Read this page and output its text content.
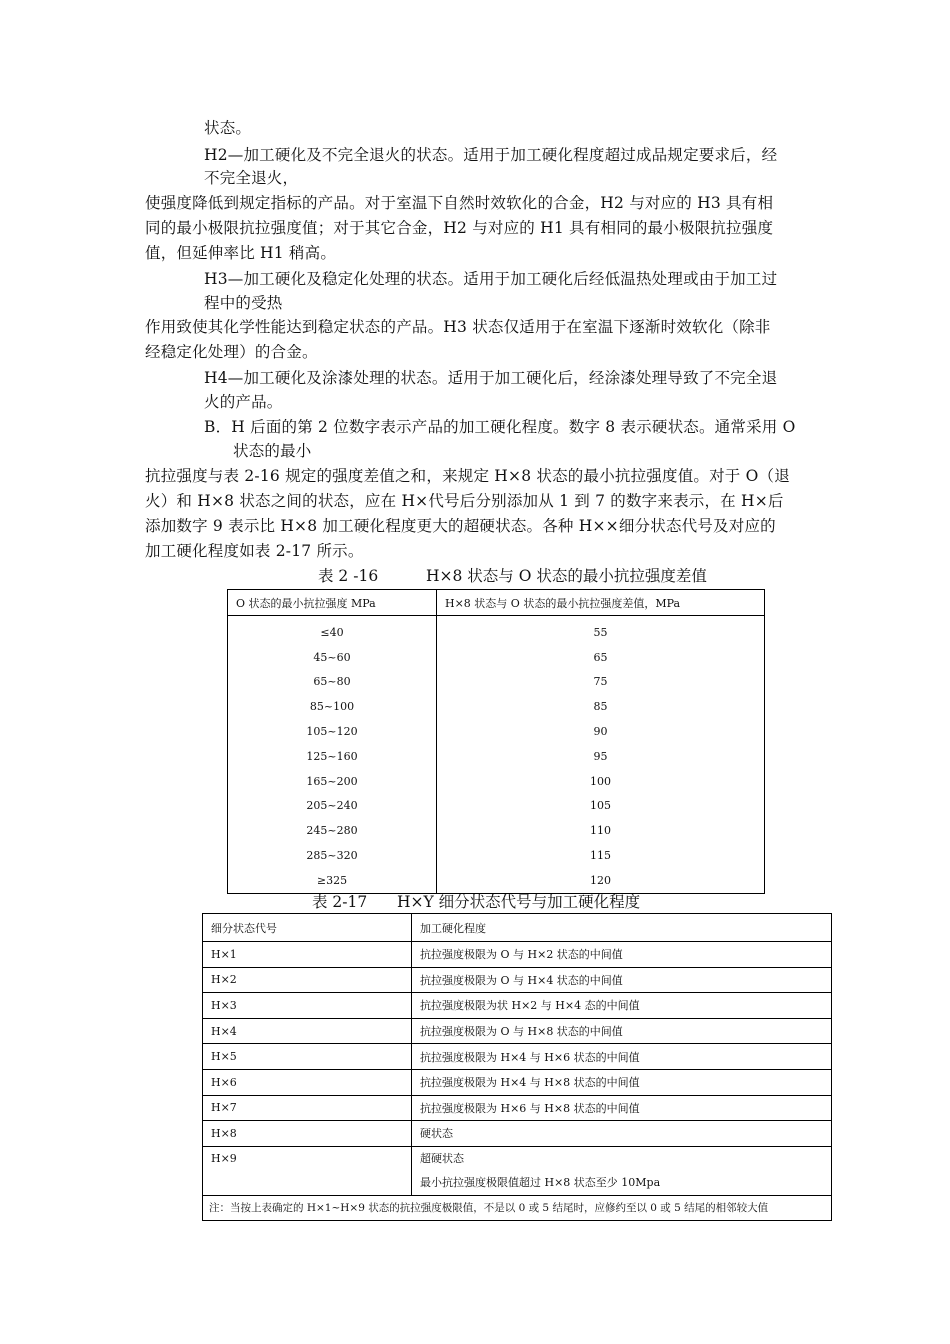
状态。
H2—加工硬化及不完全退火的状态。适用于加工硬化程度超过成品规定要求后，经
不完全退火，
使强度降低到规定指标的产品。对于室温下自然时效软化的合金，H2 与对应的 H3 具有相
同的最小极限抗拉强度值；对于其它合金，H2 与对应的 H1 具有相同的最小极限抗拉强度
值，但延伸率比 H1 稍高。
H3—加工硬化及稳定化处理的状态。适用于加工硬化后经低温热处理或由于加工过
程中的受热
作用致使其化学性能达到稳定状态的产品。H3 状态仅适用于在室温下逐渐时效软化（除非
经稳定化处理）的合金。
H4—加工硬化及涂漆处理的状态。适用于加工硬化后，经涂漆处理导致了不完全退
火的产品。
B．H 后面的第 2 位数字表示产品的加工硬化程度。数字 8 表示硬状态。通常采用 O
状态的最小
抗拉强度与表 2-16 规定的强度差值之和，来规定 H×8 状态的最小抗拉强度值。对于 O（退
火）和 H×8 状态之间的状态，应在 H×代号后分别添加从 1 到 7 的数字来表示，在 H×后
添加数字 9 表示比 H×8 加工硬化程度更大的超硬状态。各种 H××细分状态代号及对应的
加工硬化程度如表 2-17 所示。
表 2 -16	H×8 状态与 O 状态的最小抗拉强度差值
O 状态的最小抗拉强度 MPa	H×8 状态与 O 状态的最小抗拉强度差值，MPa
≤40	55
45~60	65
65~80	75
85~100	85
105~120	90
125~160	95
165~200	100
205~240	105
245~280	110
285~320	115
≥325	120
表 2-17 H×Y 细分状态代号与加工硬化程度
细分状态代号	加工硬化程度
H×1	抗拉强度极限为 O 与 H×2 状态的中间值
H×2	抗拉强度极限为 O 与 H×4 状态的中间值
H×3	抗拉强度极限为状 H×2 与 H×4 态的中间值
H×4	抗拉强度极限为 O 与 H×8 状态的中间值
H×5	抗拉强度极限为 H×4 与 H×6 状态的中间值
H×6	抗拉强度极限为 H×4 与 H×8 状态的中间值
H×7	抗拉强度极限为 H×6 与 H×8 状态的中间值
H×8	硬状态

H×9	超硬状态
最小抗拉强度极限值超过 H×8 状态至少 10Mpa

注：当按上表确定的 H×1~H×9 状态的抗拉强度极限值，不是以 0 或 5 结尾时，应修约至以 0 或 5 结尾的相邻较大值	
